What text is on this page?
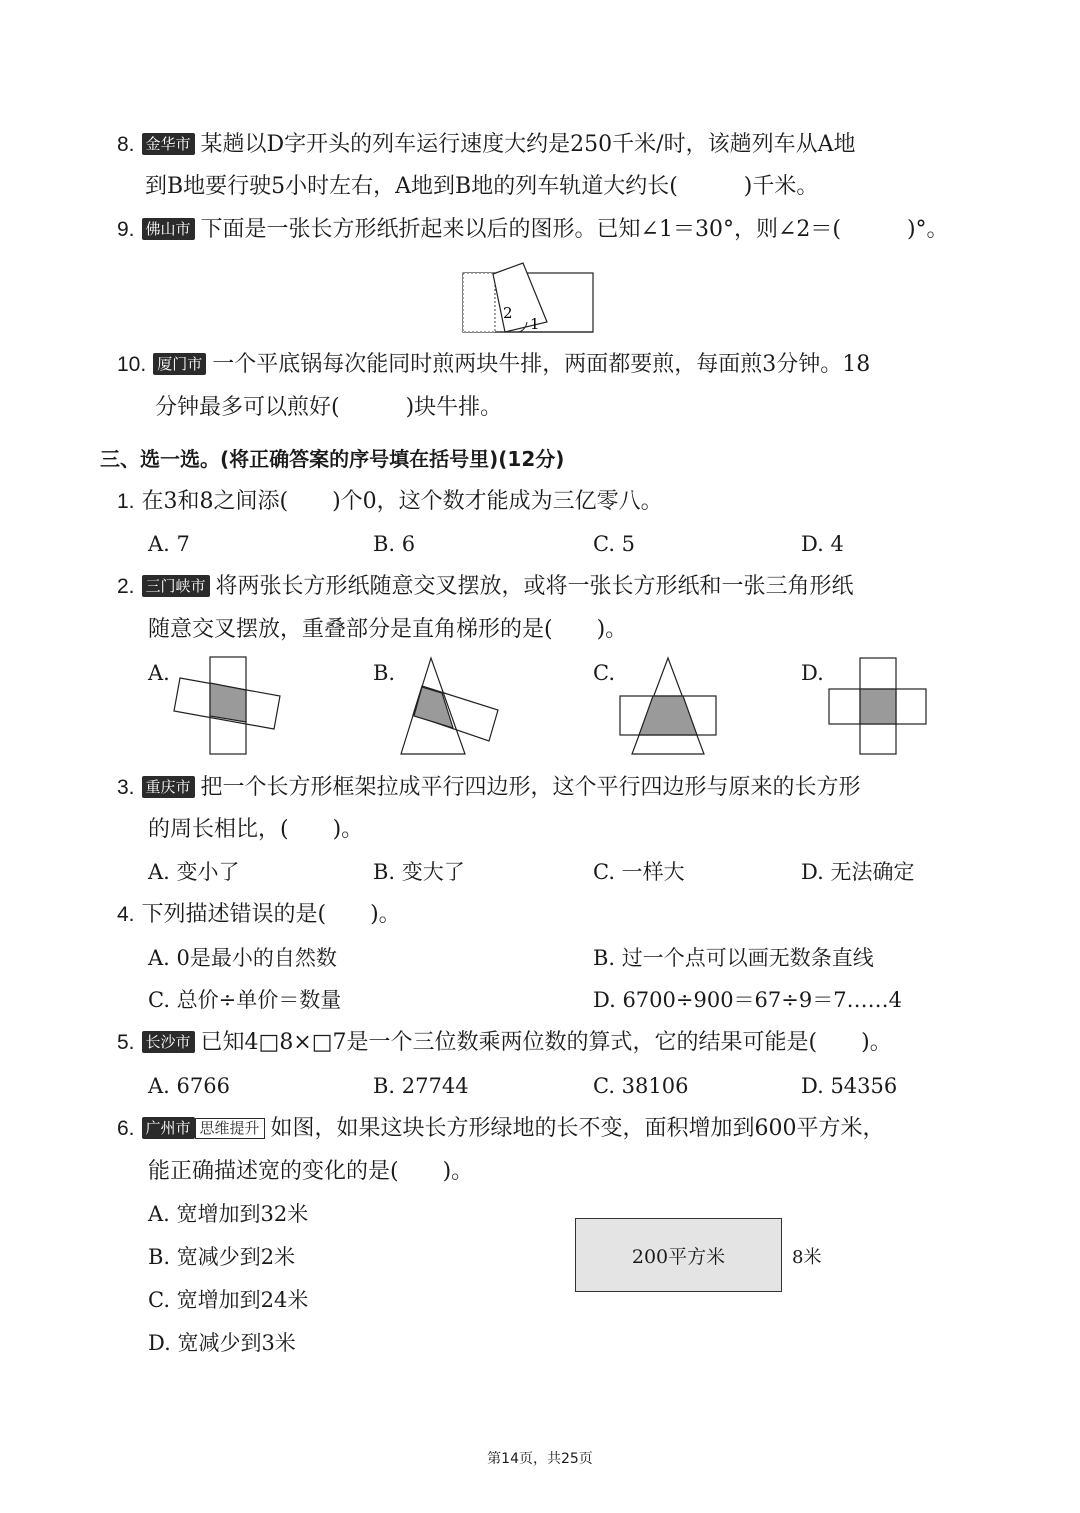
8. 金华市 某趟以D字开头的列车运行速度大约是250千米/时，该趟列车从A地
到B地要行驶5小时左右，A地到B地的列车轨道大约长(　　　)千米。
9. 佛山市 下面是一张长方形纸折起来以后的图形。已知∠1＝30°，则∠2＝(　　　)°。
2
1
10. 厦门市 一个平底锅每次能同时煎两块牛排，两面都要煎，每面煎3分钟。18
分钟最多可以煎好(　　　)块牛排。
三、选一选。(将正确答案的序号填在括号里)(12分)
1. 在3和8之间添(　　)个0，这个数才能成为三亿零八。
A. 7	B. 6	C. 5	D. 4
2. 三门峡市 将两张长方形纸随意交叉摆放，或将一张长方形纸和一张三角形纸
随意交叉摆放，重叠部分是直角梯形的是(　　)。
A.	B.	C.	D.
3. 重庆市 把一个长方形框架拉成平行四边形，这个平行四边形与原来的长方形
的周长相比，(　　)。
A. 变小了	B. 变大了	C. 一样大	D. 无法确定
4. 下列描述错误的是(　　)。
A. 0是最小的自然数	B. 过一个点可以画无数条直线
C. 总价÷单价＝数量	D. 6700÷900＝67÷9＝7……4
5. 长沙市 已知4□8×□7是一个三位数乘两位数的算式，它的结果可能是(　　)。
A. 6766	B. 27744	C. 38106	D. 54356
6. 广州市 思维提升 如图，如果这块长方形绿地的长不变，面积增加到600平方米，
能正确描述宽的变化的是(　　)。
A. 宽增加到32米
B. 宽减少到2米
C. 宽增加到24米
D. 宽减少到3米
200平方米	8米
第14页，共25页
